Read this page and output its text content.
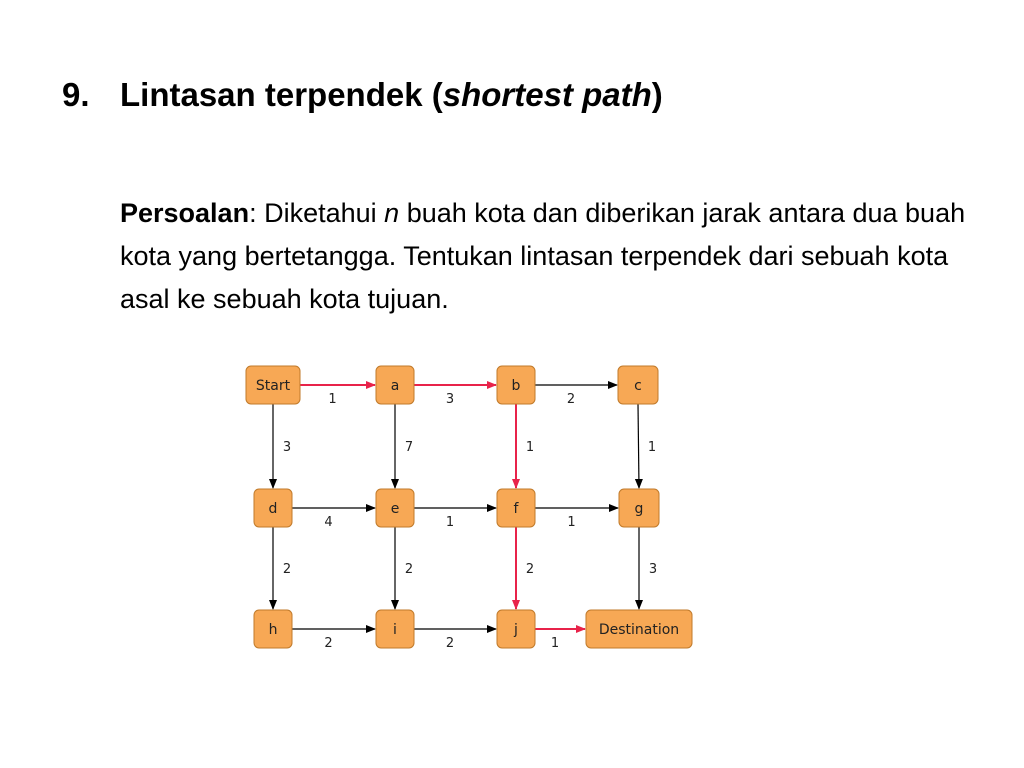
9. Lintasan terpendek (shortest path)
Persoalan: Diketahui n buah kota dan diberikan jarak antara dua buah kota yang bertetangga. Tentukan lintasan terpendek dari sebuah kota asal ke sebuah kota tujuan.
1	3	2
3	7	1	1
4	1	1
2	2	2	3
2	2	1
Start	a	b	c
d	e	f	g
h	i	j	Destination
